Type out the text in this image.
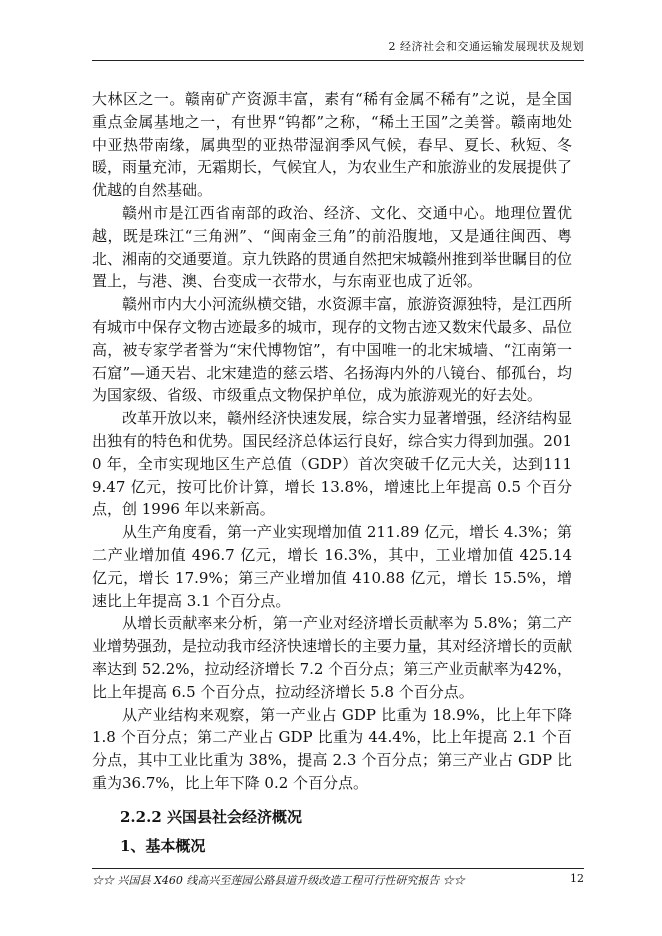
2 经济社会和交通运输发展现状及规划

大林区之一。赣南矿产资源丰富，素有“稀有金属不稀有”之说，是全国重点金属基地之一，有世界“钨都”之称，“稀土王国”之美誉。赣南地处中亚热带南缘，属典型的亚热带湿润季风气候，春早、夏长、秋短、冬暖，雨量充沛，无霜期长，气候宜人，为农业生产和旅游业的发展提供了优越的自然基础。

赣州市是江西省南部的政治、经济、文化、交通中心。地理位置优越，既是珠江“三角洲”、“闽南金三角”的前沿腹地，又是通往闽西、粤北、湘南的交通要道。京九铁路的贯通自然把宋城赣州推到举世瞩目的位置上，与港、澳、台变成一衣带水，与东南亚也成了近邻。

赣州市内大小河流纵横交错，水资源丰富，旅游资源独特，是江西所有城市中保存文物古迹最多的城市，现存的文物古迹又数宋代最多、品位高，被专家学者誉为“宋代博物馆”，有中国唯一的北宋城墙、“江南第一石窟”—通天岩、北宋建造的慈云塔、名扬海内外的八镜台、郁孤台，均为国家级、省级、市级重点文物保护单位，成为旅游观光的好去处。

改革开放以来，赣州经济快速发展，综合实力显著增强，经济结构显出独有的特色和优势。国民经济总体运行良好，综合实力得到加强。2010 年，全市实现地区生产总值（GDP）首次突破千亿元大关，达到1119.47 亿元，按可比价计算，增长 13.8%，增速比上年提高 0.5 个百分点，创 1996 年以来新高。

从生产角度看，第一产业实现增加值 211.89 亿元，增长 4.3%；第二产业增加值 496.7 亿元，增长 16.3%，其中，工业增加值 425.14 亿元，增长 17.9%；第三产业增加值 410.88 亿元，增长 15.5%，增速比上年提高 3.1 个百分点。

从增长贡献率来分析，第一产业对经济增长贡献率为 5.8%；第二产业增势强劲，是拉动我市经济快速增长的主要力量，其对经济增长的贡献率达到 52.2%，拉动经济增长 7.2 个百分点；第三产业贡献率为42%，比上年提高 6.5 个百分点，拉动经济增长 5.8 个百分点。

从产业结构来观察，第一产业占 GDP 比重为 18.9%，比上年下降1.8 个百分点；第二产业占 GDP 比重为 44.4%，比上年提高 2.1 个百分点，其中工业比重为 38%，提高 2.3 个百分点；第三产业占 GDP 比重为36.7%，比上年下降 0.2 个百分点。

2.2.2 兴国县社会经济概况
1、基本概况
☆☆ 兴国县 X460 线高兴至莲园公路县道升级改造工程可行性研究报告 ☆☆	12
